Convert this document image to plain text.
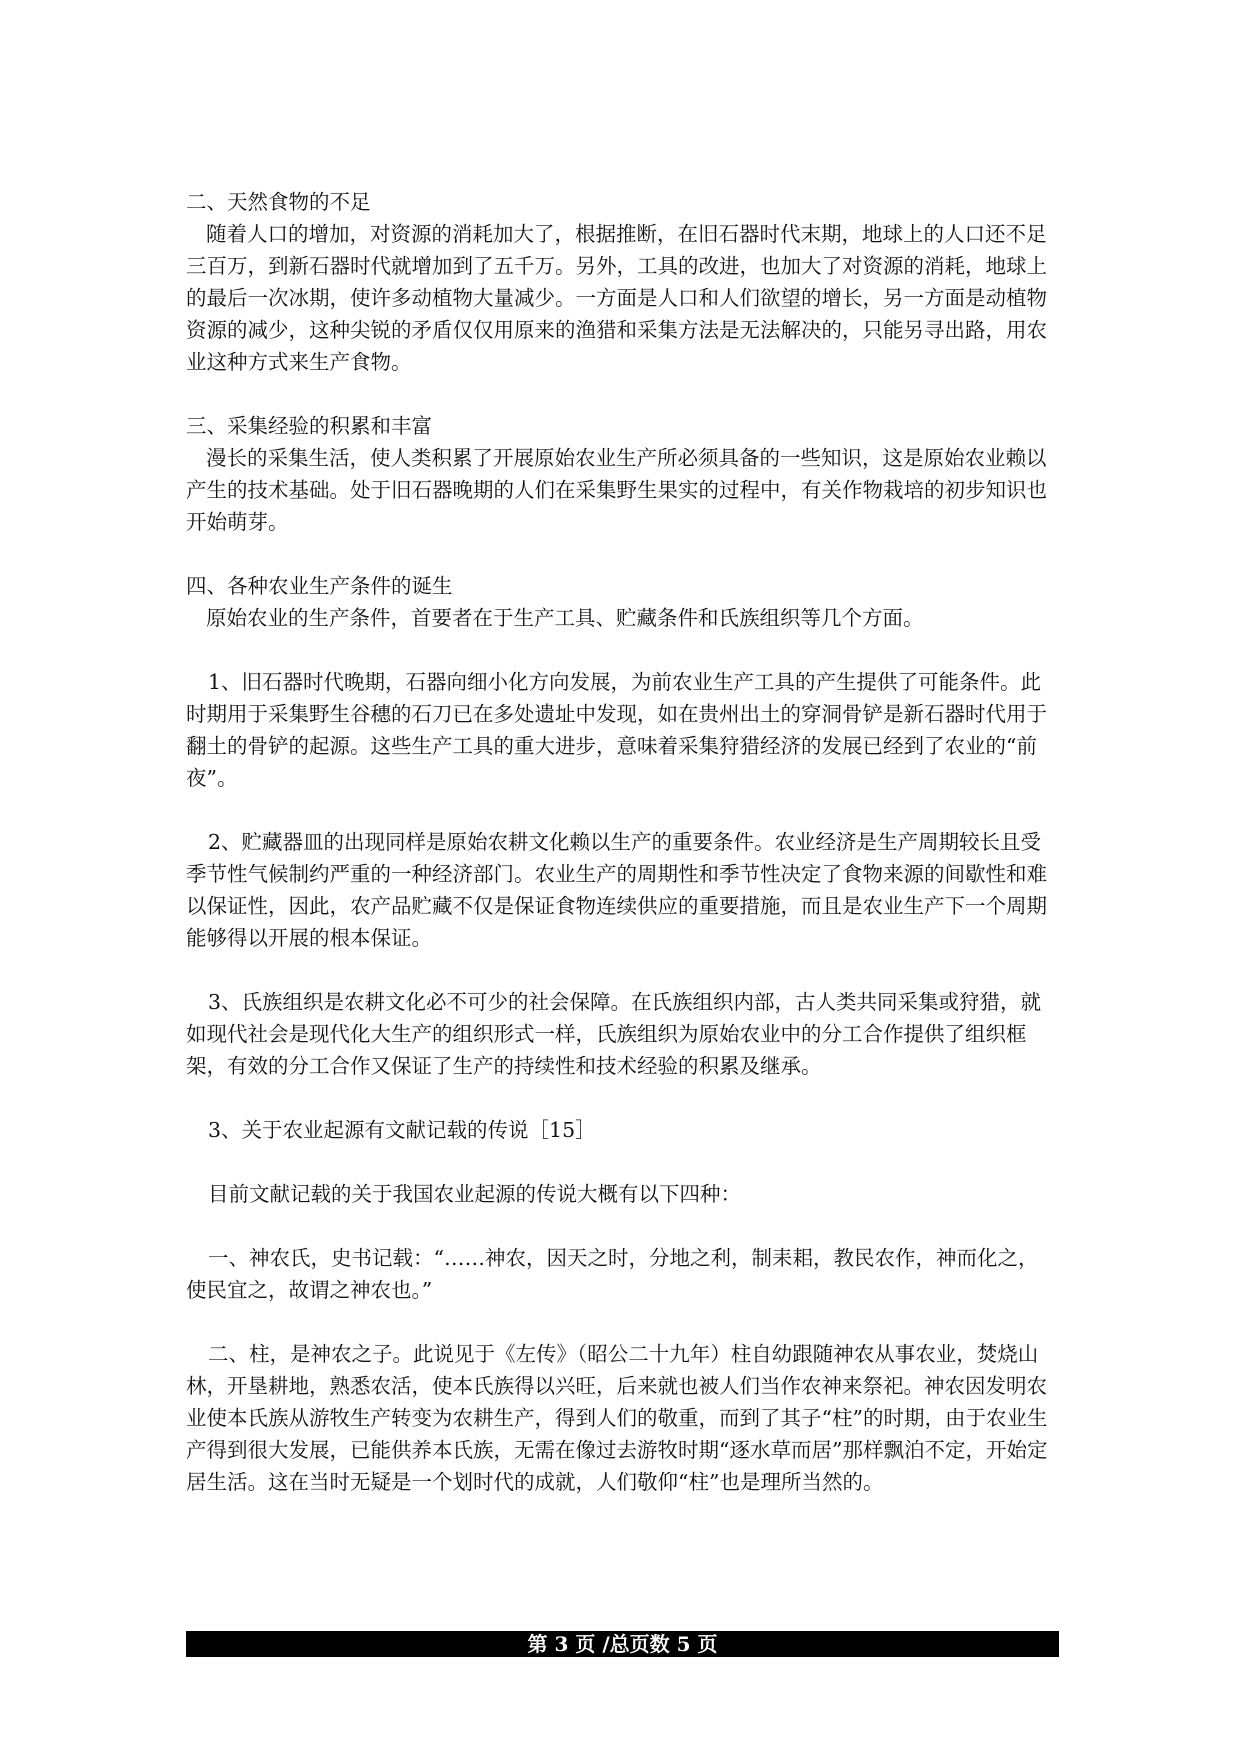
二、天然食物的不足

随着人口的增加，对资源的消耗加大了，根据推断，在旧石器时代末期，地球上的人口还不足三百万，到新石器时代就增加到了五千万。另外，工具的改进，也加大了对资源的消耗，地球上的最后一次冰期，使许多动植物大量减少。一方面是人口和人们欲望的增长，另一方面是动植物资源的减少，这种尖锐的矛盾仅仅用原来的渔猎和采集方法是无法解决的，只能另寻出路，用农业这种方式来生产食物。

三、采集经验的积累和丰富

漫长的采集生活，使人类积累了开展原始农业生产所必须具备的一些知识，这是原始农业赖以产生的技术基础。处于旧石器晚期的人们在采集野生果实的过程中，有关作物栽培的初步知识也开始萌芽。

四、各种农业生产条件的诞生

原始农业的生产条件，首要者在于生产工具、贮藏条件和氏族组织等几个方面。

1、旧石器时代晚期，石器向细小化方向发展，为前农业生产工具的产生提供了可能条件。此时期用于采集野生谷穗的石刀已在多处遗址中发现，如在贵州出土的穿洞骨铲是新石器时代用于翻土的骨铲的起源。这些生产工具的重大进步，意味着采集狩猎经济的发展已经到了农业的“前夜”。

2、贮藏器皿的出现同样是原始农耕文化赖以生产的重要条件。农业经济是生产周期较长且受季节性气候制约严重的一种经济部门。农业生产的周期性和季节性决定了食物来源的间歇性和难以保证性，因此，农产品贮藏不仅是保证食物连续供应的重要措施，而且是农业生产下一个周期能够得以开展的根本保证。

3、氏族组织是农耕文化必不可少的社会保障。在氏族组织内部，古人类共同采集或狩猎，就如现代社会是现代化大生产的组织形式一样，氏族组织为原始农业中的分工合作提供了组织框架，有效的分工合作又保证了生产的持续性和技术经验的积累及继承。

3、关于农业起源有文献记载的传说［15］

目前文献记载的关于我国农业起源的传说大概有以下四种：

一、神农氏，史书记载：“……神农，因天之时，分地之利，制耒耜，教民农作，神而化之，使民宜之，故谓之神农也。”

二、柱，是神农之子。此说见于《左传》（昭公二十九年）柱自幼跟随神农从事农业，焚烧山林，开垦耕地，熟悉农活，使本氏族得以兴旺，后来就也被人们当作农神来祭祀。神农因发明农业使本氏族从游牧生产转变为农耕生产，得到人们的敬重，而到了其子“柱”的时期，由于农业生产得到很大发展，已能供养本氏族，无需在像过去游牧时期“逐水草而居”那样飘泊不定，开始定居生活。这在当时无疑是一个划时代的成就，人们敬仰“柱”也是理所当然的。

第 3 页 /总页数 5 页
